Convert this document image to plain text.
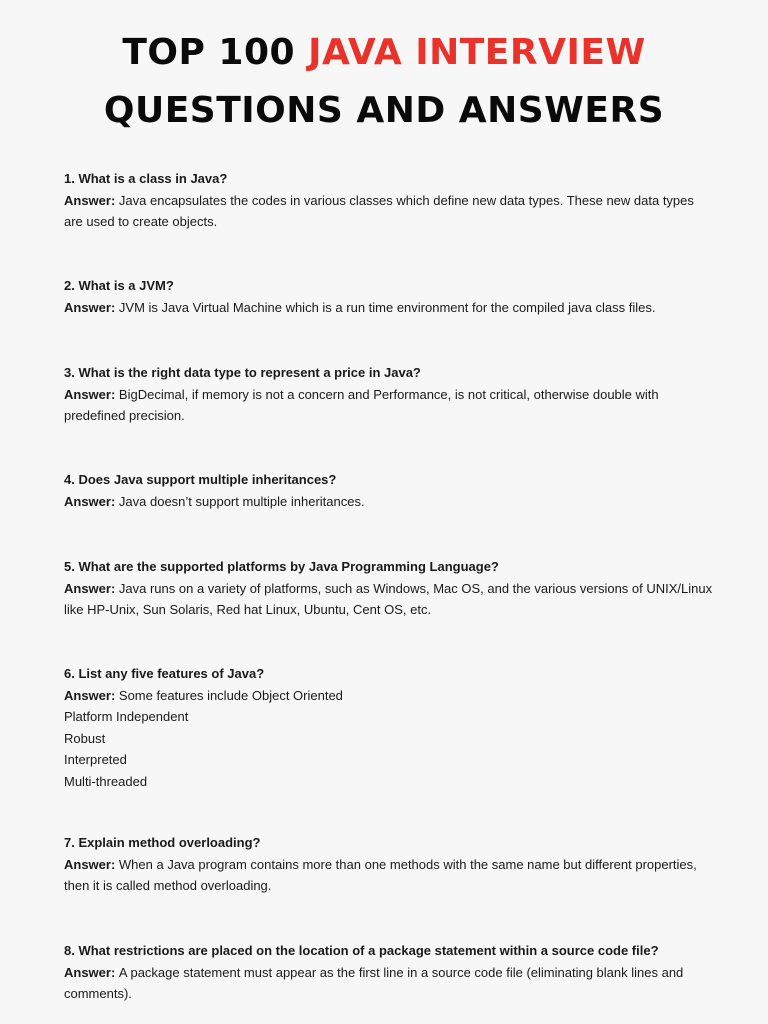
TOP 100 JAVA INTERVIEW
QUESTIONS AND ANSWERS
1. What is a class in Java?
Answer: Java encapsulates the codes in various classes which define new data types. These new data types are used to create objects.
2. What is a JVM?
Answer: JVM is Java Virtual Machine which is a run time environment for the compiled java class files.
3. What is the right data type to represent a price in Java?
Answer: BigDecimal, if memory is not a concern and Performance, is not critical, otherwise double with predefined precision.
4. Does Java support multiple inheritances?
Answer: Java doesn’t support multiple inheritances.
5. What are the supported platforms by Java Programming Language?
Answer: Java runs on a variety of platforms, such as Windows, Mac OS, and the various versions of UNIX/Linux like HP-Unix, Sun Solaris, Red hat Linux, Ubuntu, Cent OS, etc.
6. List any five features of Java?
Answer: Some features include Object Oriented
Platform Independent
Robust
Interpreted
Multi-threaded
7. Explain method overloading?
Answer: When a Java program contains more than one methods with the same name but different properties, then it is called method overloading.
8. What restrictions are placed on the location of a package statement within a source code file?
Answer: A package statement must appear as the first line in a source code file (eliminating blank lines and comments).
